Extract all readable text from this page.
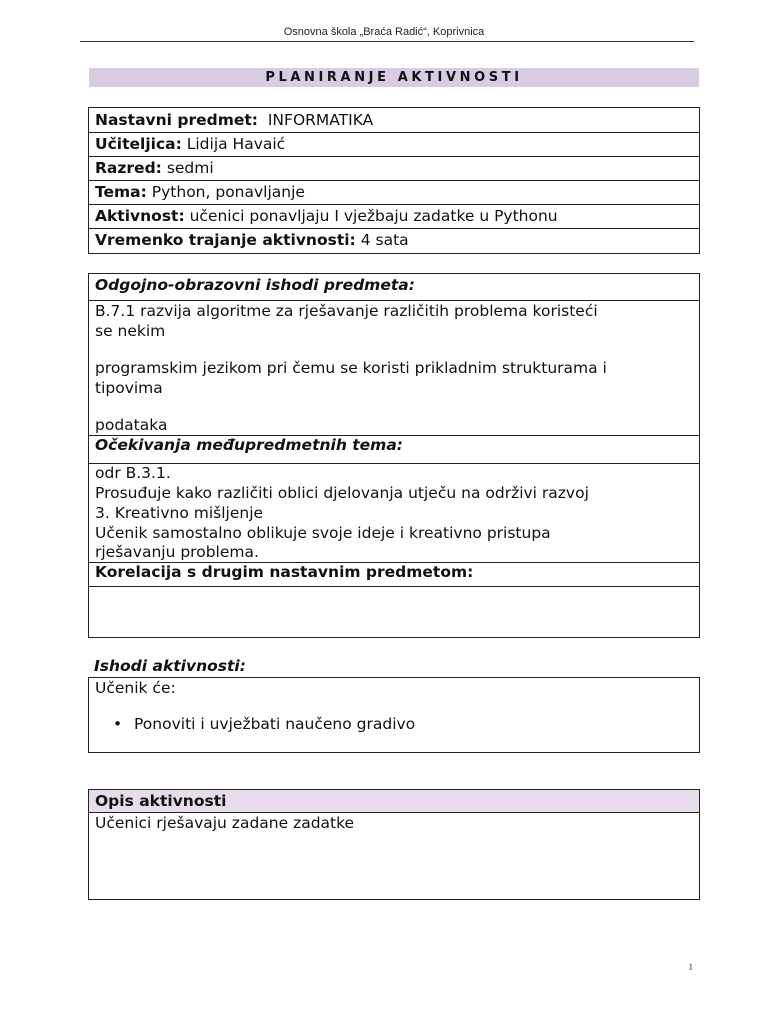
Osnovna škola „Braća Radić“, Koprivnica
PLANIRANJE AKTIVNOSTI
Nastavni predmet: INFORMATIKA
Učiteljica: Lidija Havaić
Razred: sedmi
Tema: Python, ponavljanje
Aktivnost: učenici ponavljaju I vježbaju zadatke u Pythonu
Vremenko trajanje aktivnosti: 4 sata
Odgojno-obrazovni ishodi predmeta:
B.7.1 razvija algoritme za rješavanje različitih problema koristeći
se nekim
programskim jezikom pri čemu se koristi prikladnim strukturama i
tipovima
podataka
Očekivanja međupredmetnih tema:
odr B.3.1.
Prosuđuje kako različiti oblici djelovanja utječu na održivi razvoj
3. Kreativno mišljenje
Učenik samostalno oblikuje svoje ideje i kreativno pristupa
rješavanju problema.
Korelacija s drugim nastavnim predmetom:
Ishodi aktivnosti:
Učenik će:
• Ponoviti i uvježbati naučeno gradivo
Opis aktivnosti
Učenici rješavaju zadane zadatke
1
